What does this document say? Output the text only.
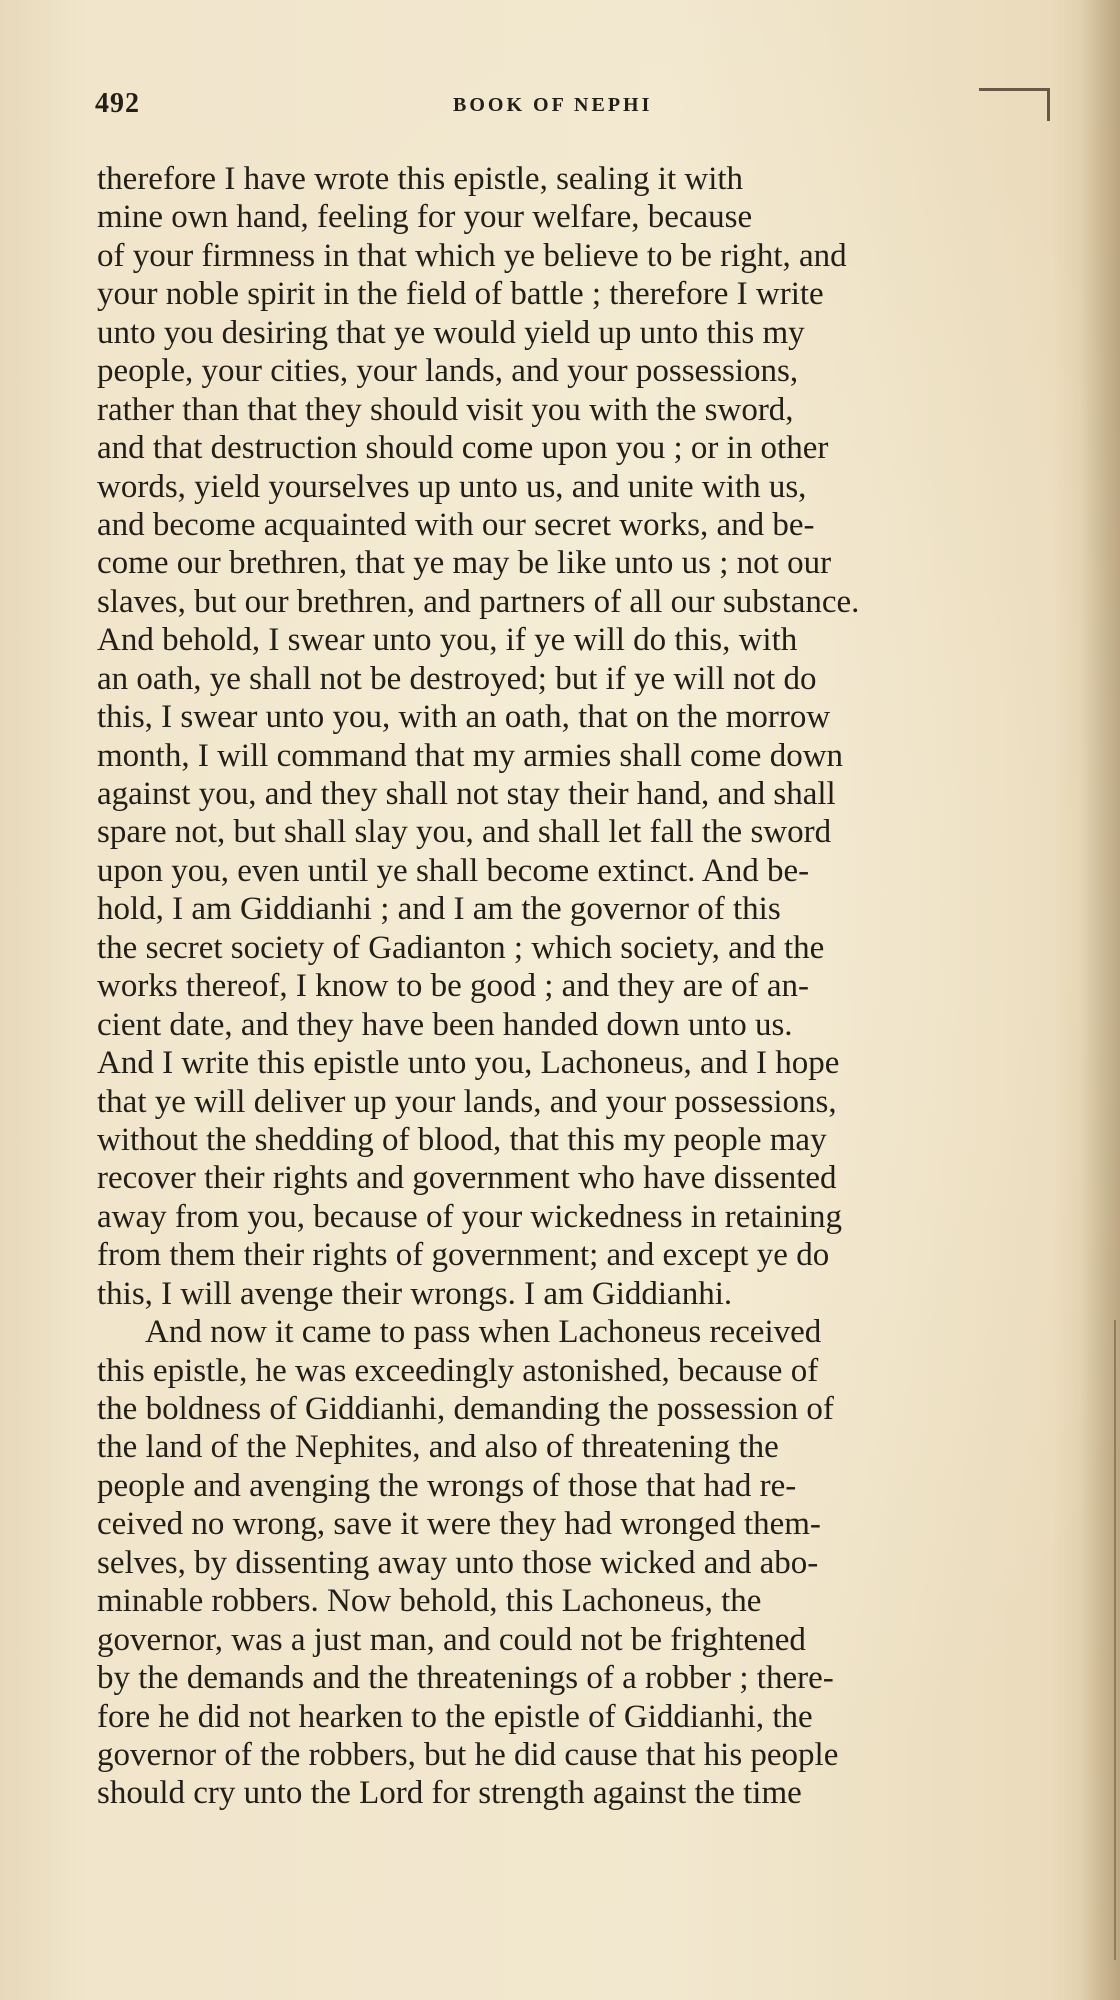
492	BOOK OF NEPHI
therefore I have wrote this epistle, sealing it with
mine own hand, feeling for your welfare, because
of your firmness in that which ye believe to be right, and
your noble spirit in the field of battle ; therefore I write
unto you desiring that ye would yield up unto this my
people, your cities, your lands, and your possessions,
rather than that they should visit you with the sword,
and that destruction should come upon you ; or in other
words, yield yourselves up unto us, and unite with us,
and become acquainted with our secret works, and be-
come our brethren, that ye may be like unto us ; not our
slaves, but our brethren, and partners of all our substance.
And behold, I swear unto you, if ye will do this, with
an oath, ye shall not be destroyed; but if ye will not do
this, I swear unto you, with an oath, that on the morrow
month, I will command that my armies shall come down
against you, and they shall not stay their hand, and shall
spare not, but shall slay you, and shall let fall the sword
upon you, even until ye shall become extinct. And be-
hold, I am Giddianhi ; and I am the governor of this
the secret society of Gadianton ; which society, and the
works thereof, I know to be good ; and they are of an-
cient date, and they have been handed down unto us.
And I write this epistle unto you, Lachoneus, and I hope
that ye will deliver up your lands, and your possessions,
without the shedding of blood, that this my people may
recover their rights and government who have dissented
away from you, because of your wickedness in retaining
from them their rights of government; and except ye do
this, I will avenge their wrongs. I am Giddianhi.
And now it came to pass when Lachoneus received
this epistle, he was exceedingly astonished, because of
the boldness of Giddianhi, demanding the possession of
the land of the Nephites, and also of threatening the
people and avenging the wrongs of those that had re-
ceived no wrong, save it were they had wronged them-
selves, by dissenting away unto those wicked and abo-
minable robbers. Now behold, this Lachoneus, the
governor, was a just man, and could not be frightened
by the demands and the threatenings of a robber ; there-
fore he did not hearken to the epistle of Giddianhi, the
governor of the robbers, but he did cause that his people
should cry unto the Lord for strength against the time
